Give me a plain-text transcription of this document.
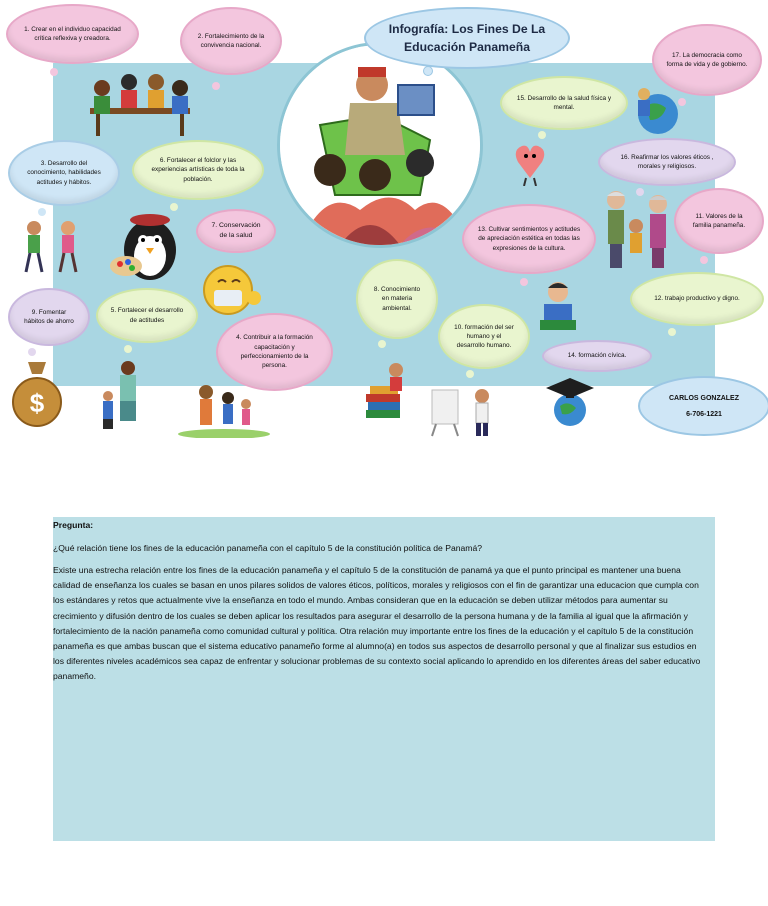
Infografía: Los Fines De La
Educación Panameña
1. Crear en el individuo capacidad crítica reflexiva y creadora.	2. Fortalecimiento de la convivencia nacional.
3. Desarrollo del conocimiento, habilidades actitudes y hábitos.
6. Fortalecer el folclor y las experiencias artísticas de toda la población.
7. Conservación de la salud
9. Fomentar hábitos de ahorro
5. Fortalecer el desarrollo de actitudes
4. Contribuir a la formación capacitación y perfeccionamiento de la persona.
8. Conocimiento en materia ambiental.
10. formación del ser humano y el desarrollo humano.
13. Cultivar sentimientos y actitudes de apreciación estética en todas las expresiones de la cultura.
15. Desarrollo de la salud física y mental.
16. Reafirmar los valores éticos , morales y religiosos.
17. La democracia como forma de vida y de gobierno.
11. Valores de la familia panameña.
12. trabajo productivo y digno.
14. formación cívica.
CARLOS GONZALEZ
6-706-1221
$
Pregunta:
¿Qué relación tiene los fines de la educación panameña con el capítulo 5 de la constitución política de Panamá?
Existe una estrecha relación entre los fines de la educación panameña y el capítulo 5 de la constitución de panamá ya que el punto principal es mantener una buena calidad de enseñanza los cuales se basan en unos pilares solidos de valores éticos, políticos, morales y religiosos con el fin de garantizar una educacion que cumpla con los estándares y retos que actualmente vive la enseñanza en todo el mundo. Ambas consideran que en la educación se deben utilizar métodos para aumentar su crecimiento y difusión dentro de los cuales se deben aplicar los resultados para asegurar el desarrollo de la persona humana y de la familia al igual que la afirmación y fortalecimiento de la nación panameña como comunidad cultural y política. Otra relación muy importante entre los fines de la educación y el capítulo 5 de la constitución panameña es que ambas buscan que el sistema educativo panameño forme al alumno(a) en todos sus aspectos de desarrollo personal y que al finalizar sus estudios en los diferentes niveles académicos sea capaz de enfrentar y solucionar problemas de su contexto social aplicando lo aprendido en los diferentes áreas del saber educativo panameño.
